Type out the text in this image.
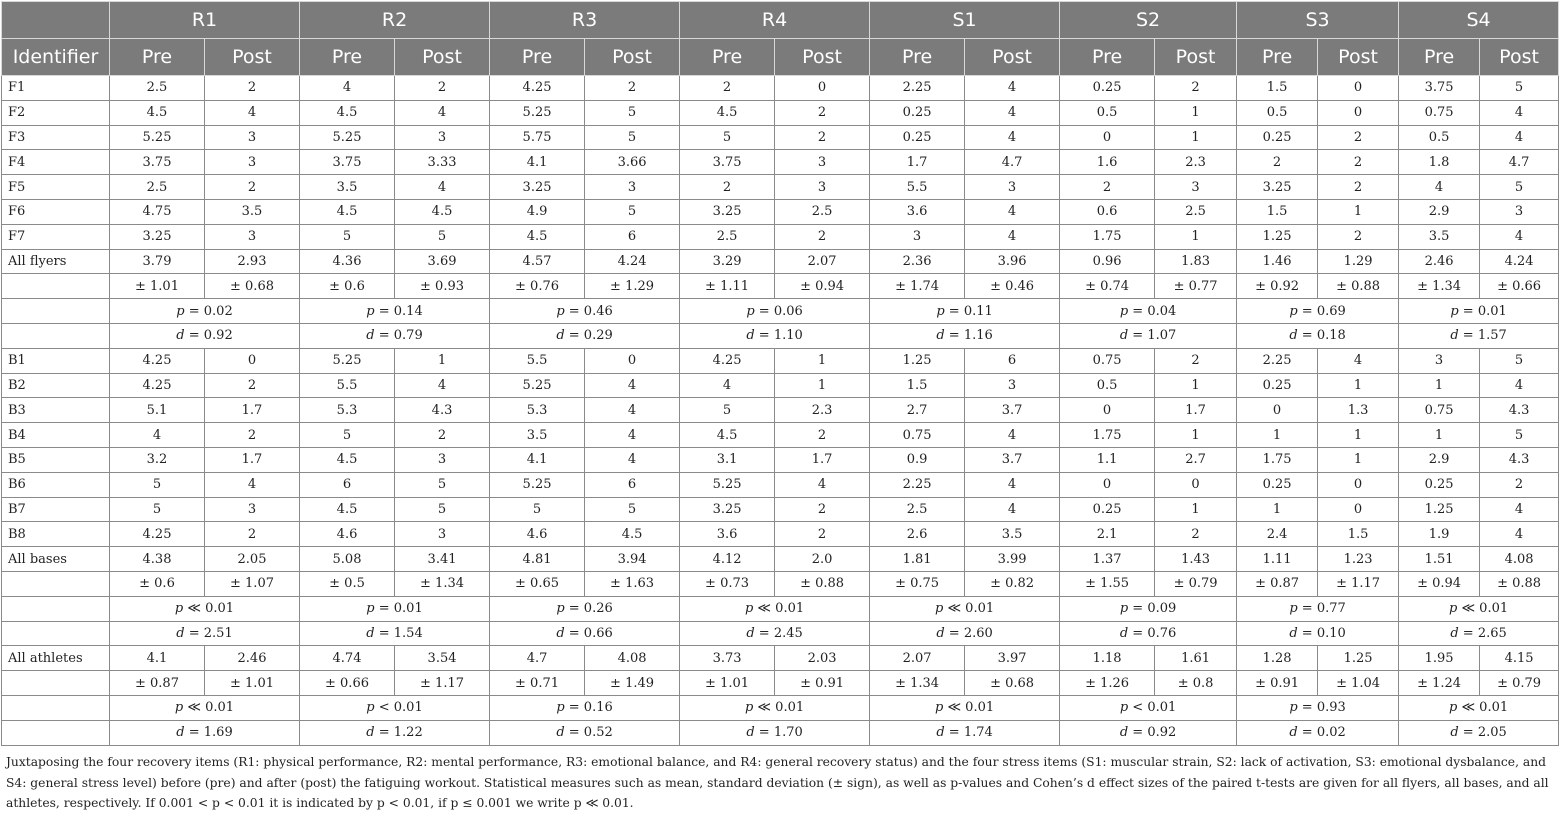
	R1		R2		R3		R4		S1		S2		S3		S4	
Identifier	Pre	Post	Pre	Post	Pre	Post	Pre	Post	Pre	Post	Pre	Post	Pre	Post	Pre	Post
F1	2.5	2	4	2	4.25	2	2	0	2.25	4	0.25	2	1.5	0	3.75	5
F2	4.5	4	4.5	4	5.25	5	4.5	2	0.25	4	0.5	1	0.5	0	0.75	4
F3	5.25	3	5.25	3	5.75	5	5	2	0.25	4	0	1	0.25	2	0.5	4
F4	3.75	3	3.75	3.33	4.1	3.66	3.75	3	1.7	4.7	1.6	2.3	2	2	1.8	4.7
F5	2.5	2	3.5	4	3.25	3	2	3	5.5	3	2	3	3.25	2	4	5
F6	4.75	3.5	4.5	4.5	4.9	5	3.25	2.5	3.6	4	0.6	2.5	1.5	1	2.9	3
F7	3.25	3	5	5	4.5	6	2.5	2	3	4	1.75	1	1.25	2	3.5	4
All flyers	3.79	2.93	4.36	3.69	4.57	4.24	3.29	2.07	2.36	3.96	0.96	1.83	1.46	1.29	2.46	4.24
	± 1.01	± 0.68	± 0.6	± 0.93	± 0.76	± 1.29	± 1.11	± 0.94	± 1.74	± 0.46	± 0.74	± 0.77	± 0.92	± 0.88	± 1.34	± 0.66
	p = 0.02		p = 0.14		p = 0.46		p = 0.06		p = 0.11		p = 0.04		p = 0.69		p = 0.01	
	d = 0.92		d = 0.79		d = 0.29		d = 1.10		d = 1.16		d = 1.07		d = 0.18		d = 1.57	
B1	4.25	0	5.25	1	5.5	0	4.25	1	1.25	6	0.75	2	2.25	4	3	5
B2	4.25	2	5.5	4	5.25	4	4	1	1.5	3	0.5	1	0.25	1	1	4
B3	5.1	1.7	5.3	4.3	5.3	4	5	2.3	2.7	3.7	0	1.7	0	1.3	0.75	4.3
B4	4	2	5	2	3.5	4	4.5	2	0.75	4	1.75	1	1	1	1	5
B5	3.2	1.7	4.5	3	4.1	4	3.1	1.7	0.9	3.7	1.1	2.7	1.75	1	2.9	4.3
B6	5	4	6	5	5.25	6	5.25	4	2.25	4	0	0	0.25	0	0.25	2
B7	5	3	4.5	5	5	5	3.25	2	2.5	4	0.25	1	1	0	1.25	4
B8	4.25	2	4.6	3	4.6	4.5	3.6	2	2.6	3.5	2.1	2	2.4	1.5	1.9	4
All bases	4.38	2.05	5.08	3.41	4.81	3.94	4.12	2.0	1.81	3.99	1.37	1.43	1.11	1.23	1.51	4.08
	± 0.6	± 1.07	± 0.5	± 1.34	± 0.65	± 1.63	± 0.73	± 0.88	± 0.75	± 0.82	± 1.55	± 0.79	± 0.87	± 1.17	± 0.94	± 0.88
	p ≪ 0.01		p = 0.01		p = 0.26		p ≪ 0.01		p ≪ 0.01		p = 0.09		p = 0.77		p ≪ 0.01	
	d = 2.51		d = 1.54		d = 0.66		d = 2.45		d = 2.60		d = 0.76		d = 0.10		d = 2.65	
All athletes	4.1	2.46	4.74	3.54	4.7	4.08	3.73	2.03	2.07	3.97	1.18	1.61	1.28	1.25	1.95	4.15
	± 0.87	± 1.01	± 0.66	± 1.17	± 0.71	± 1.49	± 1.01	± 0.91	± 1.34	± 0.68	± 1.26	± 0.8	± 0.91	± 1.04	± 1.24	± 0.79
	p ≪ 0.01		p < 0.01		p = 0.16		p ≪ 0.01		p ≪ 0.01		p < 0.01		p = 0.93		p ≪ 0.01	
	d = 1.69		d = 1.22		d = 0.52		d = 1.70		d = 1.74		d = 0.92		d = 0.02		d = 2.05	
Juxtaposing the four recovery items (R1: physical performance, R2: mental performance, R3: emotional balance, and R4: general recovery status) and the four stress items (S1: muscular strain, S2: lack of activation, S3: emotional dysbalance, and S4: general stress level) before (pre) and after (post) the fatiguing workout. Statistical measures such as mean, standard deviation (± sign), as well as p-values and Cohen’s d effect sizes of the paired t-tests are given for all flyers, all bases, and all athletes, respectively. If 0.001 < p < 0.01 it is indicated by p < 0.01, if p ≤ 0.001 we write p ≪ 0.01.
